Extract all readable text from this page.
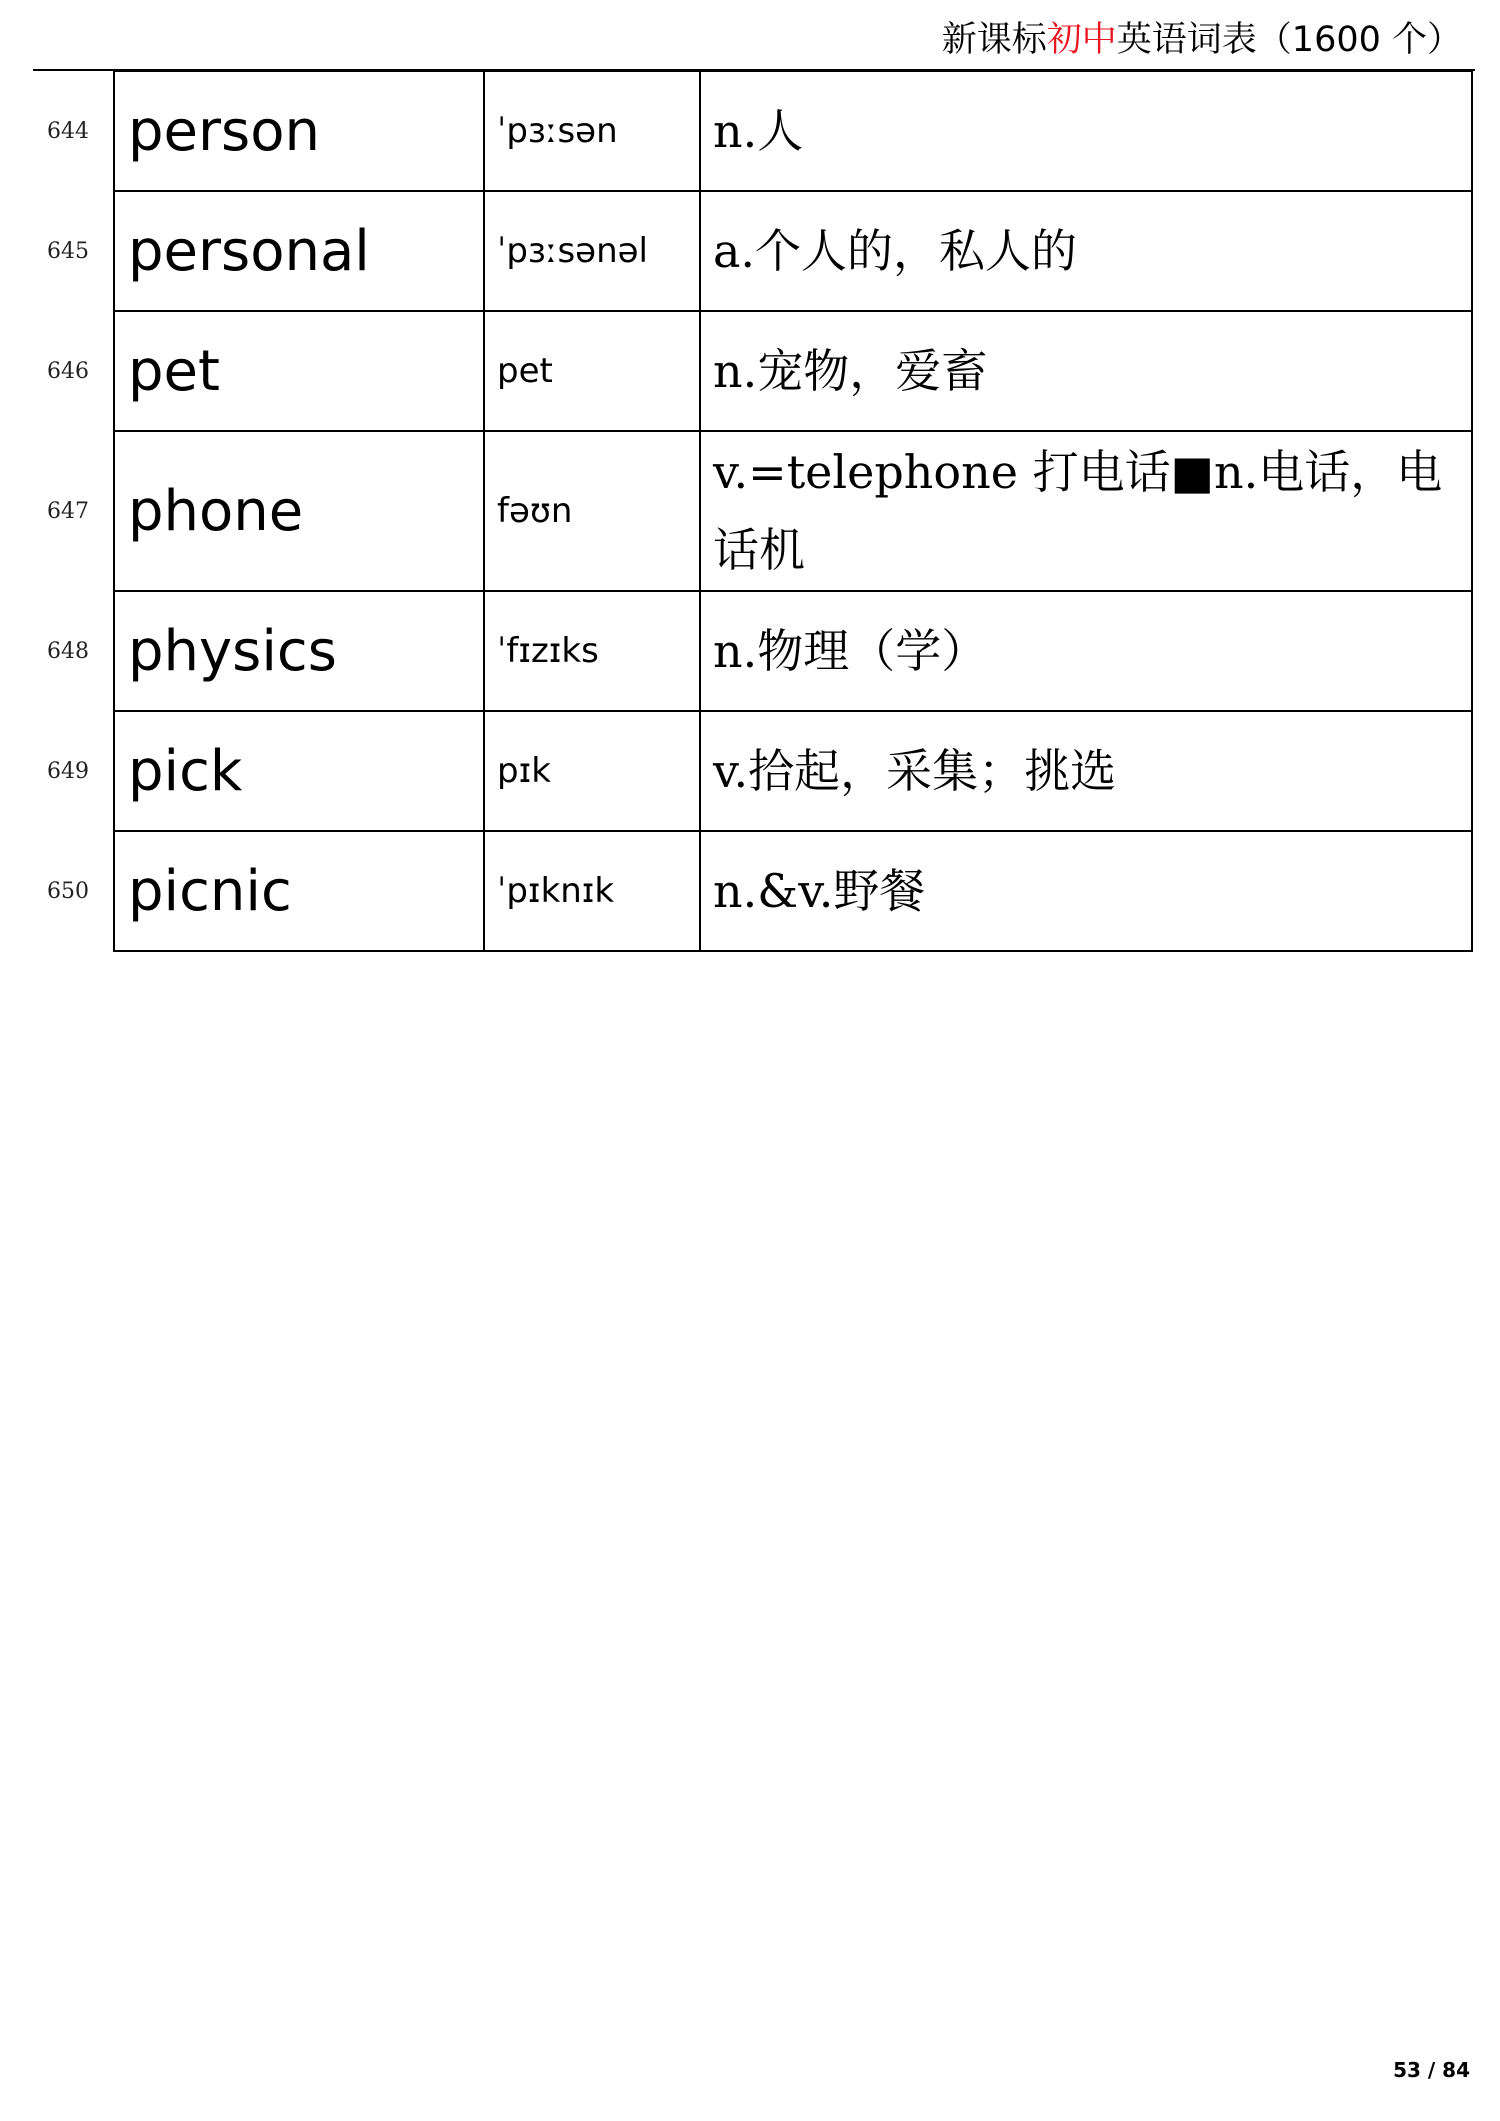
新课标初中英语词表（1600 个）
644	person	ˈpɜːsən	n.人
645	personal	ˈpɜːsənəl	a.个人的，私人的
646	pet	pet	n.宠物，爱畜
647	phone	fəʊn	v.=telephone 打电话■n.电话，电话机
648	physics	ˈfɪzɪks	n.物理（学）
649	pick	pɪk	v.拾起，采集；挑选
650	picnic	ˈpɪknɪk	n.&v.野餐
53 / 84
